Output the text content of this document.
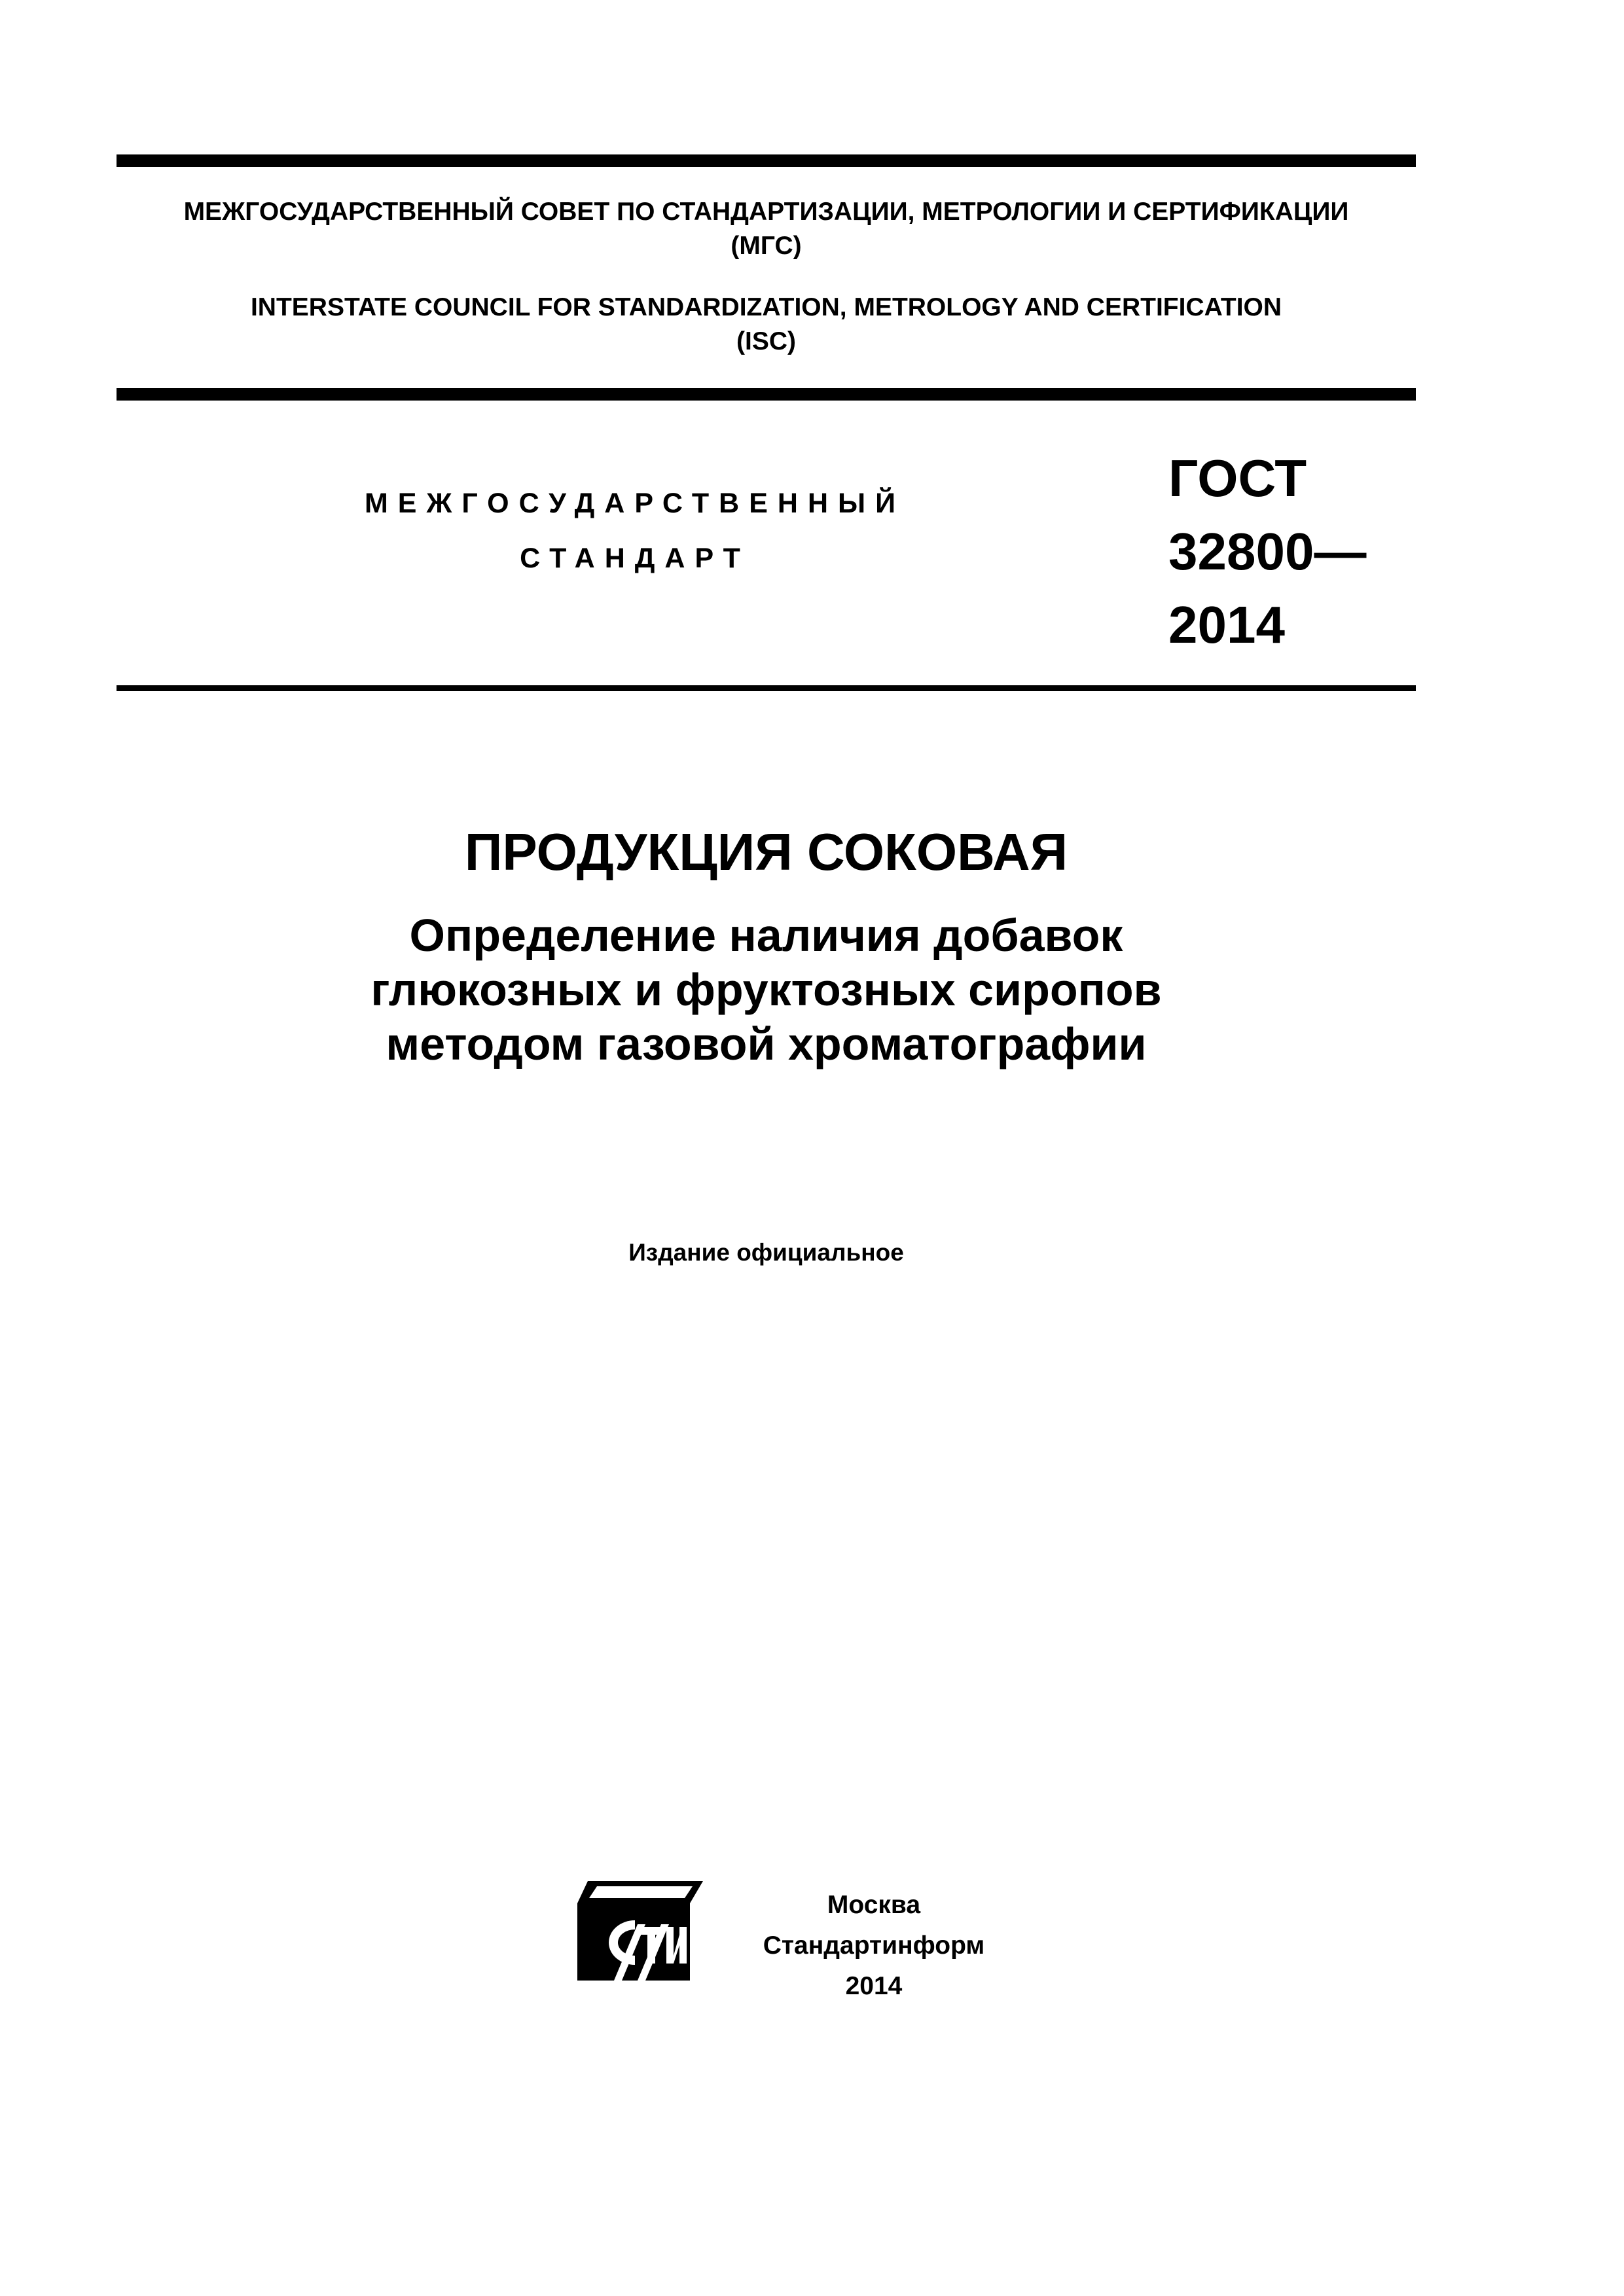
МЕЖГОСУДАРСТВЕННЫЙ СОВЕТ ПО СТАНДАРТИЗАЦИИ, МЕТРОЛОГИИ И СЕРТИФИКАЦИИ
(МГС)
INTERSTATE COUNCIL FOR STANDARDIZATION, METROLOGY AND CERTIFICATION
(ISC)
МЕЖГОСУДАРСТВЕННЫЙ
СТАНДАРТ
ГОСТ
32800—
2014
ПРОДУКЦИЯ СОКОВАЯ
Определение наличия добавок
глюкозных и фруктозных сиропов
методом газовой хроматографии
Издание официальное
Москва
Стандартинформ
2014
